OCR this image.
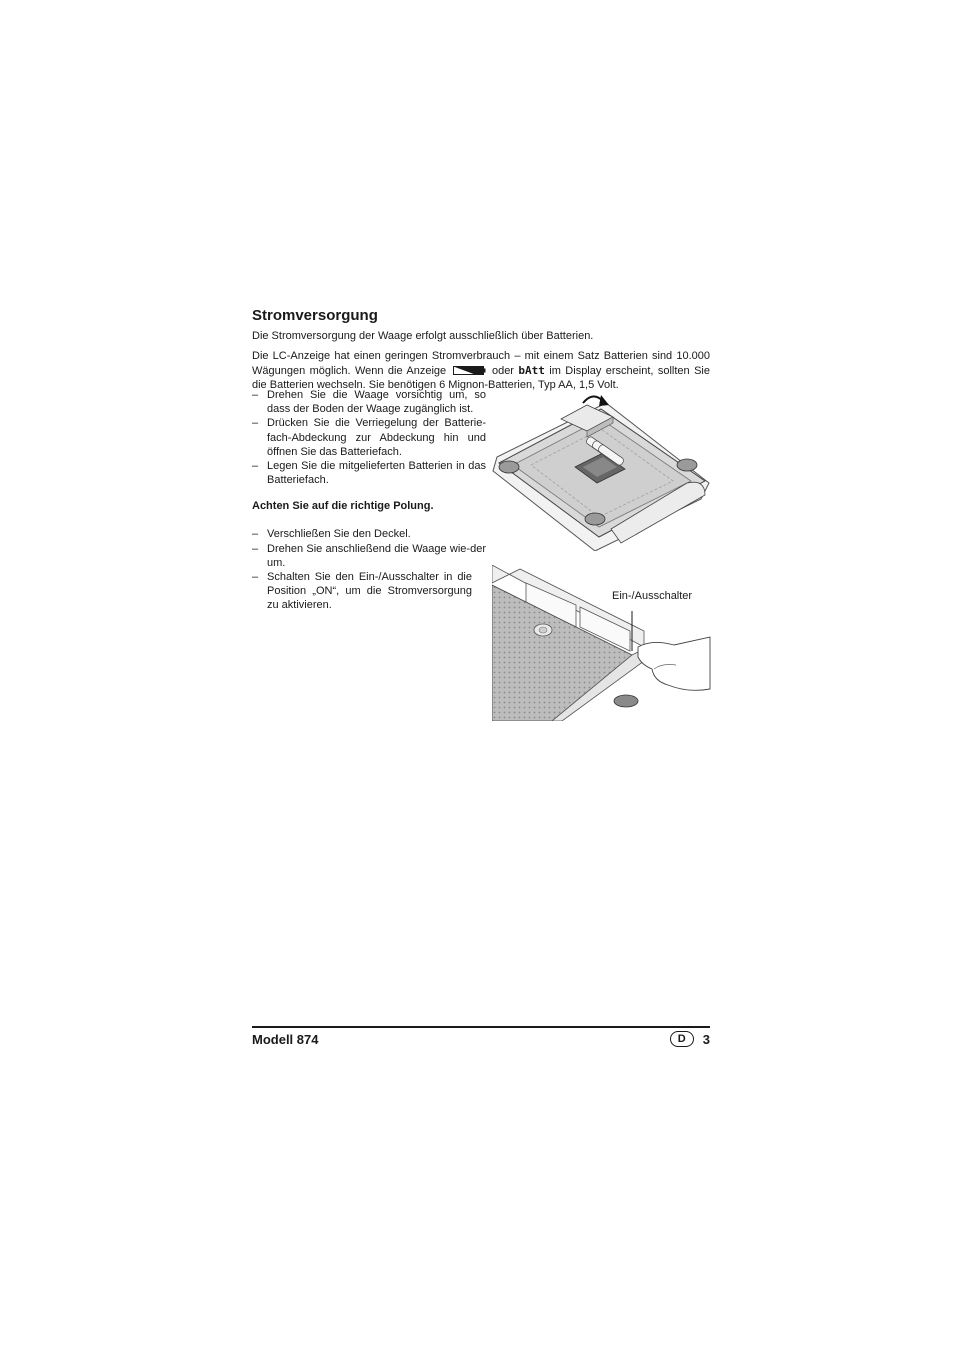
Stromversorgung

Die Stromversorgung der Waage erfolgt ausschließlich über Batterien.

Die LC-Anzeige hat einen geringen Stromverbrauch – mit einem Satz Batterien sind 10.000 Wägungen möglich. Wenn die Anzeige	oder bAtt im Display erscheint, sollten Sie die Batterien wechseln. Sie benötigen 6 Mignon-Batterien, Typ AA, 1,5 Volt.

– Drehen Sie die Waage vorsichtig um, so dass der Boden der Waage zugänglich ist.
– Drücken Sie die Verriegelung der Batterie-fach-Abdeckung zur Abdeckung hin und öffnen Sie das Batteriefach.
– Legen Sie die mitgelieferten Batterien in das Batteriefach.
Achten Sie auf die richtige Polung.
– Verschließen Sie den Deckel.
– Drehen Sie anschließend die Waage wie-der um.
– Schalten Sie den Ein-/Ausschalter in die Position „ON“, um die Stromversorgung zu aktivieren.
Ein-/Ausschalter
Modell 874	D	3
